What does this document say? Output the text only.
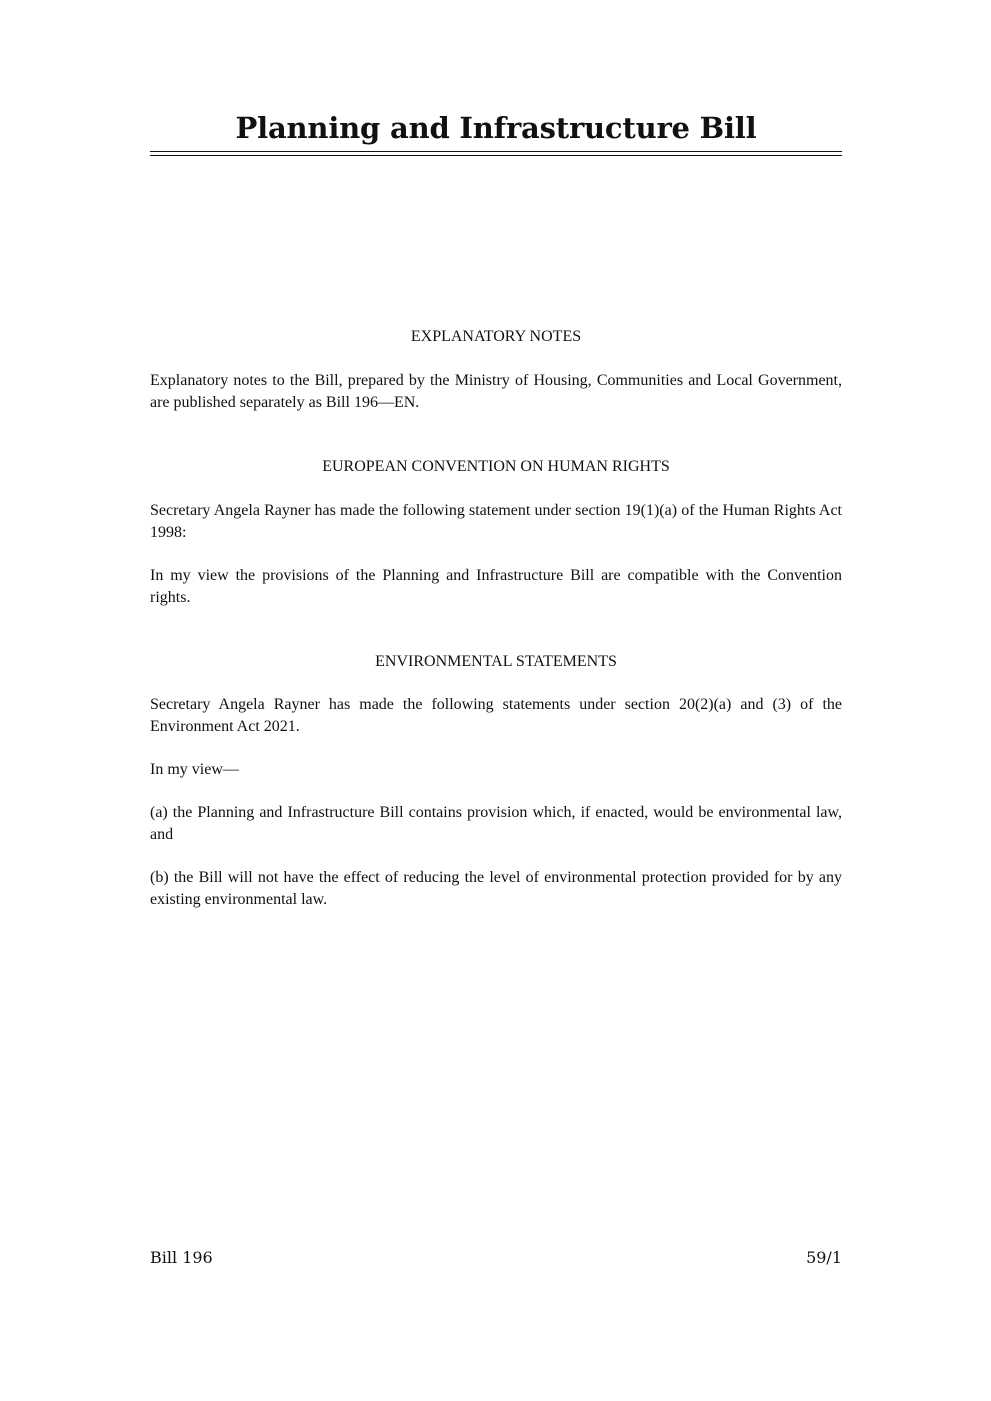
Planning and Infrastructure Bill

EXPLANATORY NOTES

Explanatory notes to the Bill, prepared by the Ministry of Housing, Communities and Local Government, are published separately as Bill 196—EN.

EUROPEAN CONVENTION ON HUMAN RIGHTS

Secretary Angela Rayner has made the following statement under section 19(1)(a) of the Human Rights Act 1998:

In my view the provisions of the Planning and Infrastructure Bill are compatible with the Convention rights.

ENVIRONMENTAL STATEMENTS

Secretary Angela Rayner has made the following statements under section 20(2)(a) and (3) of the Environment Act 2021.

In my view—

(a) the Planning and Infrastructure Bill contains provision which, if enacted, would be environmental law, and

(b) the Bill will not have the effect of reducing the level of environmental protection provided for by any existing environmental law.

Bill 196	59/1
